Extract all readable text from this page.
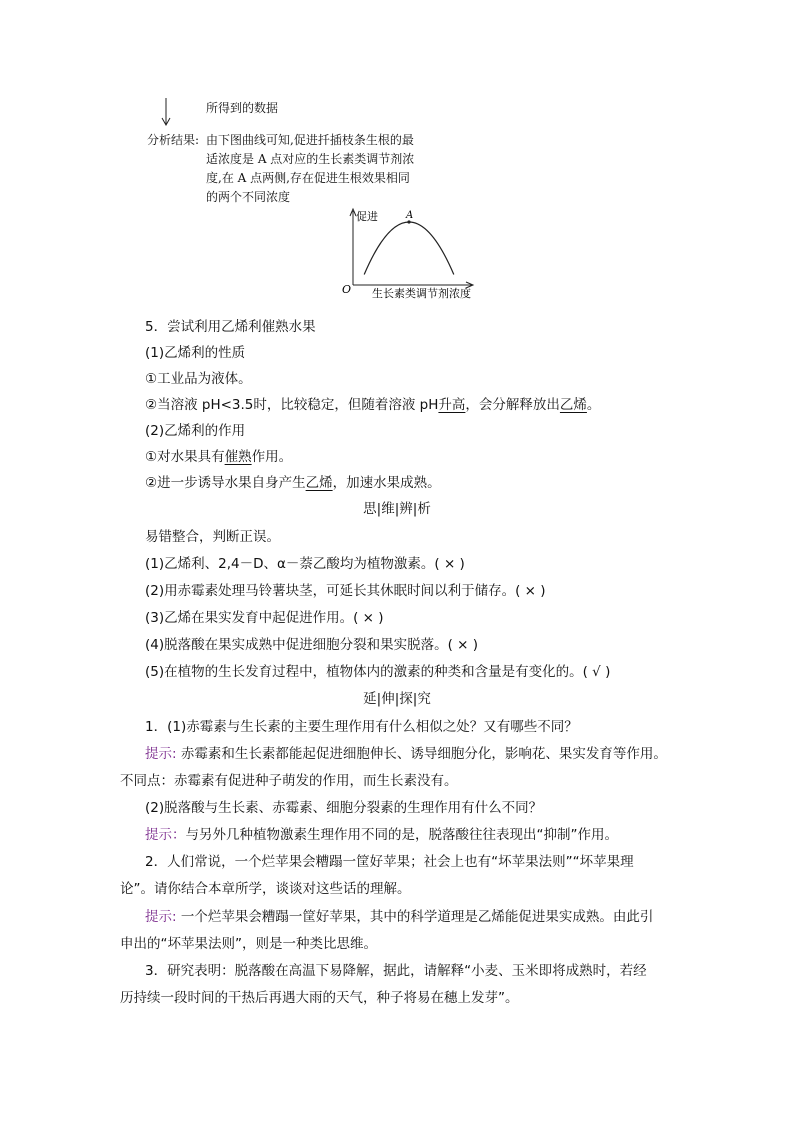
所得到的数据
分析结果: 由下图曲线可知,促进扦插枝条生根的最
适浓度是 A 点对应的生长素类调节剂浓
度,在 A 点两侧,存在促进生根效果相同
的两个不同浓度
A
促进
O 生长素类调节剂浓度
5．尝试利用乙烯利催熟水果
(1)乙烯利的性质
①工业品为液体。
②当溶液 pH<3.5时，比较稳定，但随着溶液 pH升高，会分解释放出乙烯。
(2)乙烯利的作用
①对水果具有催熟作用。
②进一步诱导水果自身产生乙烯，加速水果成熟。
思|维|辨|析
易错整合，判断正误。
(1)乙烯利、2,4－D、α－萘乙酸均为植物激素。( × )
(2)用赤霉素处理马铃薯块茎，可延长其休眠时间以利于储存。( × )
(3)乙烯在果实发育中起促进作用。( × )
(4)脱落酸在果实成熟中促进细胞分裂和果实脱落。( × )
(5)在植物的生长发育过程中，植物体内的激素的种类和含量是有变化的。( √ )
延|伸|探|究
1．(1)赤霉素与生长素的主要生理作用有什么相似之处？又有哪些不同？
提示: 赤霉素和生长素都能起促进细胞伸长、诱导细胞分化，影响花、果实发育等作用。
不同点：赤霉素有促进种子萌发的作用，而生长素没有。
(2)脱落酸与生长素、赤霉素、细胞分裂素的生理作用有什么不同？
提示：与另外几种植物激素生理作用不同的是，脱落酸往往表现出“抑制”作用。
2．人们常说，一个烂苹果会糟蹋一筐好苹果；社会上也有“坏苹果法则”“坏苹果理
论”。请你结合本章所学，谈谈对这些话的理解。
提示: 一个烂苹果会糟蹋一筐好苹果，其中的科学道理是乙烯能促进果实成熟。由此引
申出的“坏苹果法则”，则是一种类比思维。
3．研究表明：脱落酸在高温下易降解，据此，请解释“小麦、玉米即将成熟时，若经
历持续一段时间的干热后再遇大雨的天气，种子将易在穗上发芽”。
